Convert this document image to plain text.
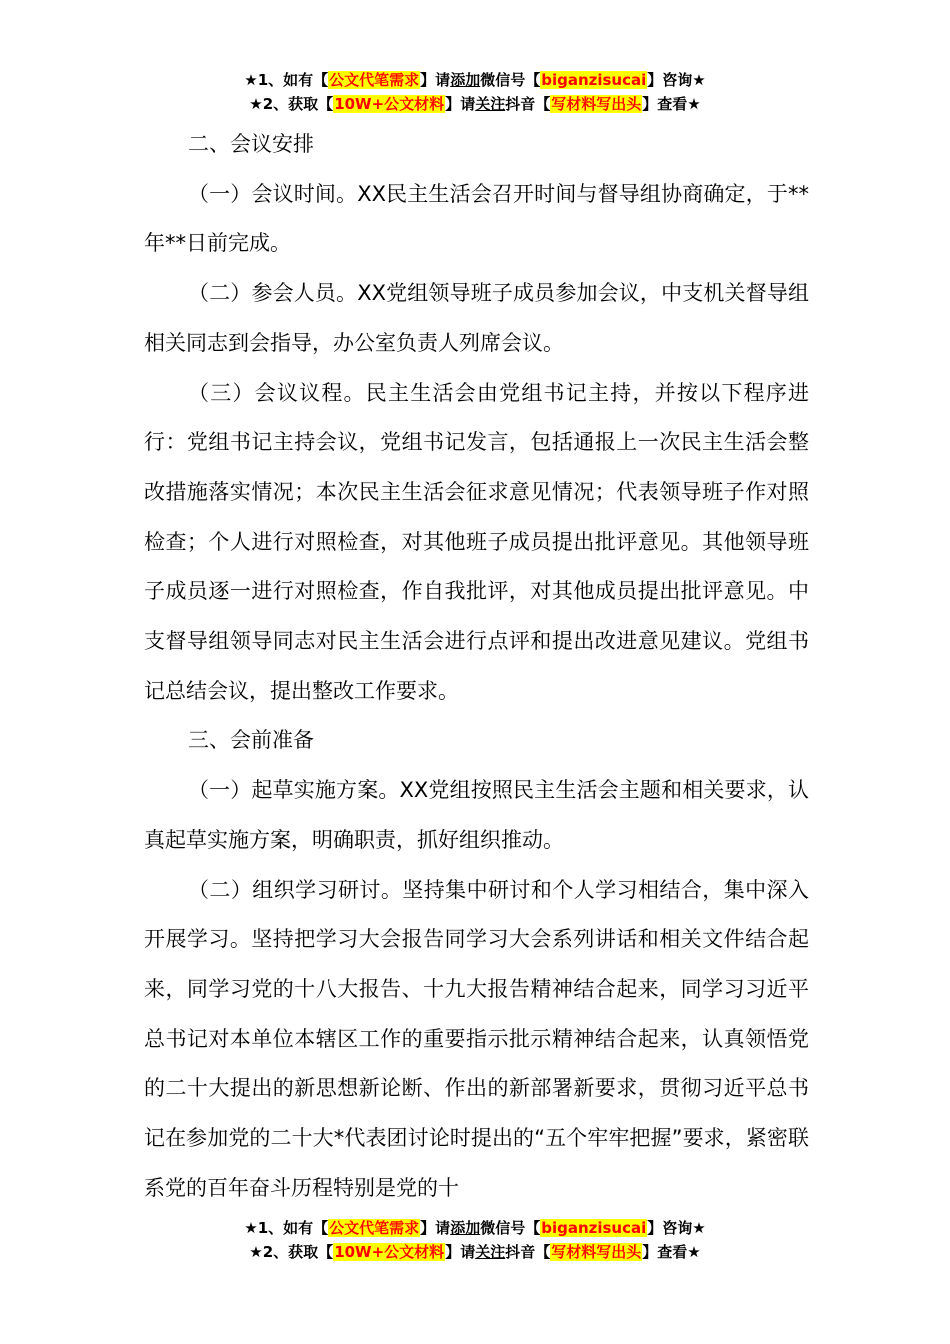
★1、如有【公文代笔需求】请添加微信号【biganzisucai】咨询★
★2、获取【10W+公文材料】请关注抖音【写材料写出头】查看★

二、会议安排

（一）会议时间。XX民主生活会召开时间与督导组协商确定，于**年**日前完成。

（二）参会人员。XX党组领导班子成员参加会议，中支机关督导组相关同志到会指导，办公室负责人列席会议。

（三）会议议程。民主生活会由党组书记主持，并按以下程序进行：党组书记主持会议，党组书记发言，包括通报上一次民主生活会整改措施落实情况；本次民主生活会征求意见情况；代表领导班子作对照检查；个人进行对照检查，对其他班子成员提出批评意见。其他领导班子成员逐一进行对照检查，作自我批评，对其他成员提出批评意见。中支督导组领导同志对民主生活会进行点评和提出改进意见建议。党组书记总结会议，提出整改工作要求。

三、会前准备

（一）起草实施方案。XX党组按照民主生活会主题和相关要求，认真起草实施方案，明确职责，抓好组织推动。

（二）组织学习研讨。坚持集中研讨和个人学习相结合，集中深入开展学习。坚持把学习大会报告同学习大会系列讲话和相关文件结合起来，同学习党的十八大报告、十九大报告精神结合起来，同学习习近平总书记对本单位本辖区工作的重要指示批示精神结合起来，认真领悟党的二十大提出的新思想新论断、作出的新部署新要求，贯彻习近平总书记在参加党的二十大*代表团讨论时提出的“五个牢牢把握”要求，紧密联系党的百年奋斗历程特别是党的十

★1、如有【公文代笔需求】请添加微信号【biganzisucai】咨询★
★2、获取【10W+公文材料】请关注抖音【写材料写出头】查看★
